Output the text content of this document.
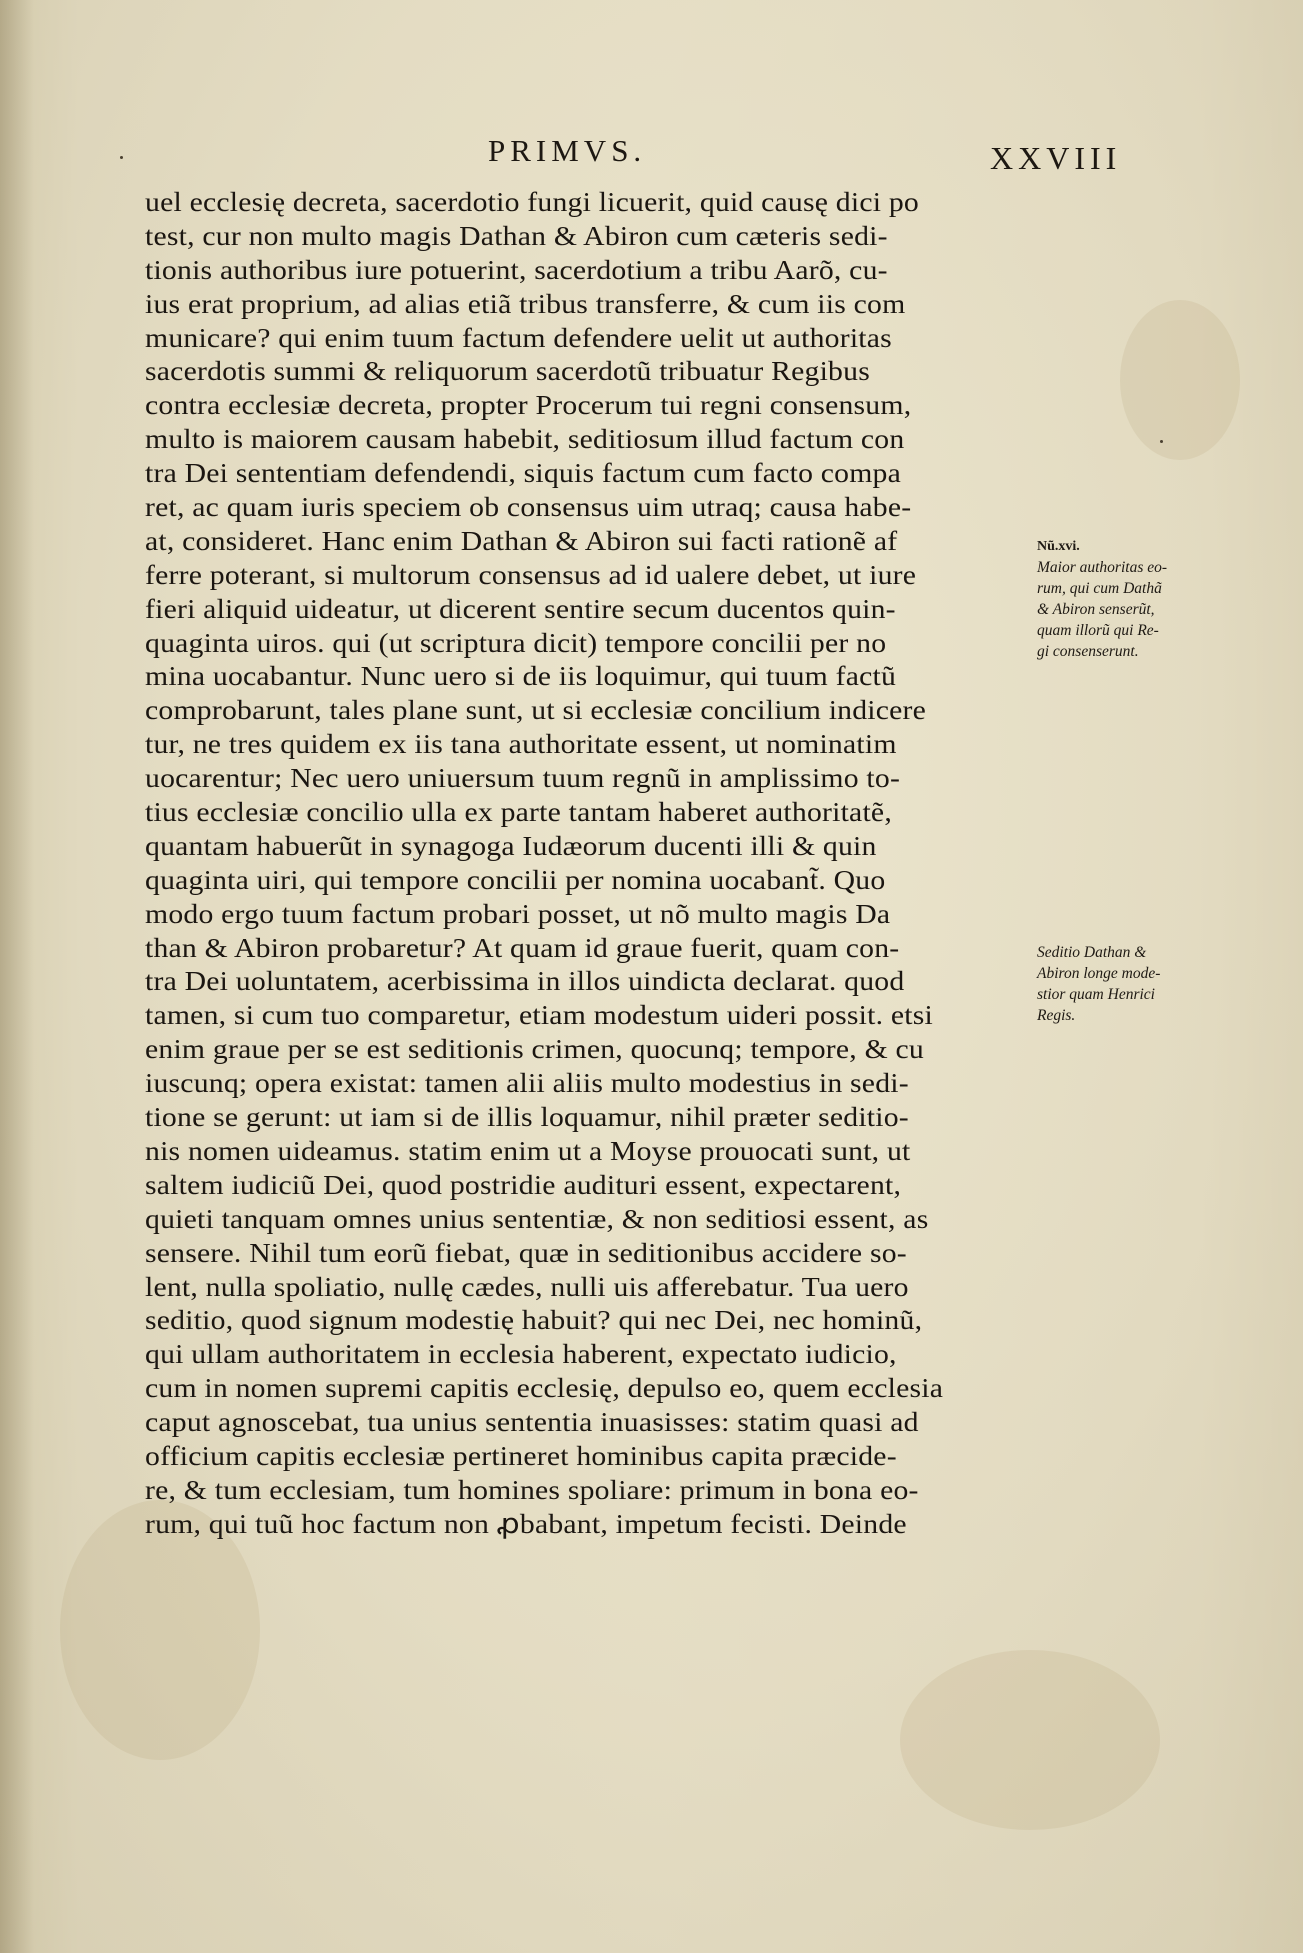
PRIMVS.	XXVIII
uel ecclesię decreta, sacerdotio fungi licuerit, quid causę dici po
test, cur non multo magis Dathan & Abiron cum cæteris sedi-
tionis authoribus iure potuerint, sacerdotium a tribu Aarõ, cu-
ius erat proprium, ad alias etiã tribus transferre, & cum iis com
municare? qui enim tuum factum defendere uelit ut authoritas
sacerdotis summi & reliquorum sacerdotũ tribuatur Regibus
contra ecclesiæ decreta, propter Procerum tui regni consensum,
multo is maiorem causam habebit, seditiosum illud factum con
tra Dei sententiam defendendi, siquis factum cum facto compa
ret, ac quam iuris speciem ob consensus uim utraq; causa habe-
at, consideret. Hanc enim Dathan & Abiron sui facti rationẽ af
ferre poterant, si multorum consensus ad id ualere debet, ut iure
fieri aliquid uideatur, ut dicerent sentire secum ducentos quin-
quaginta uiros. qui (ut scriptura dicit) tempore concilii per no
mina uocabantur. Nunc uero si de iis loquimur, qui tuum factũ
comprobarunt, tales plane sunt, ut si ecclesiæ concilium indicere
tur, ne tres quidem ex iis tana authoritate essent, ut nominatim
uocarentur; Nec uero uniuersum tuum regnũ in amplissimo to-
tius ecclesiæ concilio ulla ex parte tantam haberet authoritatẽ,
quantam habuerũt in synagoga Iudæorum ducenti illi & quin
quaginta uiri, qui tempore concilii per nomina uocabant̃. Quo
modo ergo tuum factum probari posset, ut nõ multo magis Da
than & Abiron probaretur? At quam id graue fuerit, quam con-
tra Dei uoluntatem, acerbissima in illos uindicta declarat. quod
tamen, si cum tuo comparetur, etiam modestum uideri possit. etsi
enim graue per se est seditionis crimen, quocunq; tempore, & cu
iuscunq; opera existat: tamen alii aliis multo modestius in sedi-
tione se gerunt: ut iam si de illis loquamur, nihil præter seditio-
nis nomen uideamus. statim enim ut a Moyse prouocati sunt, ut
saltem iudiciũ Dei, quod postridie audituri essent, expectarent,
quieti tanquam omnes unius sententiæ, & non seditiosi essent, as
sensere. Nihil tum eorũ fiebat, quæ in seditionibus accidere so-
lent, nulla spoliatio, nullę cædes, nulli uis afferebatur. Tua uero
seditio, quod signum modestię habuit? qui nec Dei, nec hominũ,
qui ullam authoritatem in ecclesia haberent, expectato iudicio,
cum in nomen supremi capitis ecclesię, depulso eo, quem ecclesia
caput agnoscebat, tua unius sententia inuasisses: statim quasi ad
officium capitis ecclesiæ pertineret hominibus capita præcide-
re, & tum ecclesiam, tum homines spoliare: primum in bona eo-
rum, qui tuũ hoc factum non ꝓbabant, impetum fecisti. Deinde
Nũ.xvi.
Maior authoritas eo-
rum, qui cum Dathã
& Abiron senserũt,
quam illorũ qui Re-
gi consenserunt.
Seditio Dathan &
Abiron longe mode-
stior quam Henrici
Regis.
